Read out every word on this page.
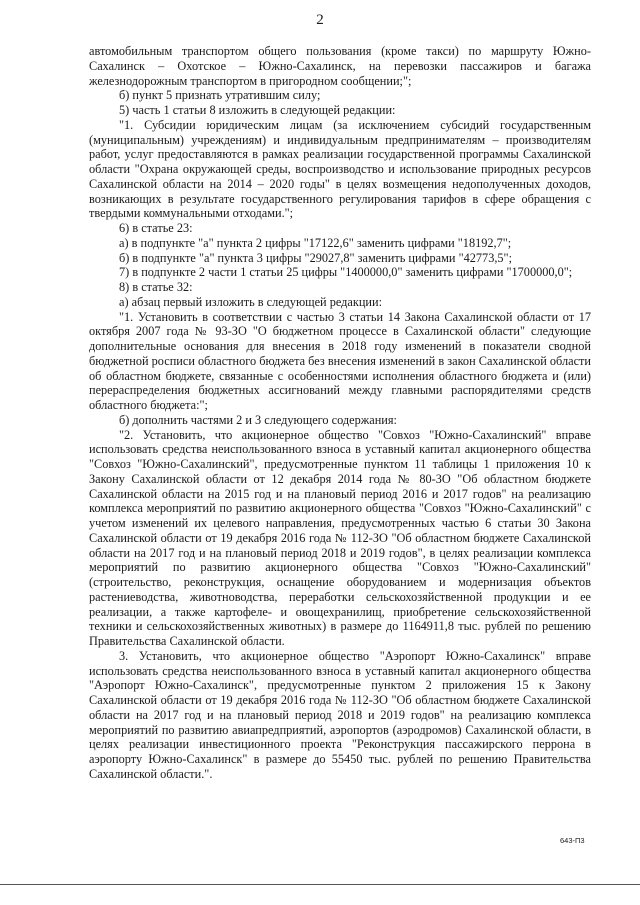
2

автомобильным транспортом общего пользования (кроме такси) по маршруту Южно-Сахалинск – Охотское – Южно-Сахалинск, на перевозки пассажиров и багажа железнодорожным транспортом в пригородном сообщении;";

б) пункт 5 признать утратившим силу;

5) часть 1 статьи 8 изложить в следующей редакции:

"1. Субсидии юридическим лицам (за исключением субсидий государственным (муниципальным) учреждениям) и индивидуальным предпринимателям – производителям работ, услуг предоставляются в рамках реализации государственной программы Сахалинской области "Охрана окружающей среды, воспроизводство и использование природных ресурсов Сахалинской области на 2014 – 2020 годы" в целях возмещения недополученных доходов, возникающих в результате государственного регулирования тарифов в сфере обращения с твердыми коммунальными отходами.";

6) в статье 23:

а) в подпункте "а" пункта 2 цифры "17122,6" заменить цифрами "18192,7";

б) в подпункте "а" пункта 3 цифры "29027,8" заменить цифрами "42773,5";

7) в подпункте 2 части 1 статьи 25 цифры "1400000,0" заменить цифрами "1700000,0";

8) в статье 32:

а) абзац первый изложить в следующей редакции:

"1. Установить в соответствии с частью 3 статьи 14 Закона Сахалинской области от 17 октября 2007 года № 93-ЗО "О бюджетном процессе в Сахалинской области" следующие дополнительные основания для внесения в 2018 году изменений в показатели сводной бюджетной росписи областного бюджета без внесения изменений в закон Сахалинской области об областном бюджете, связанные с особенностями исполнения областного бюджета и (или) перераспределения бюджетных ассигнований между главными распорядителями средств областного бюджета:";

б) дополнить частями 2 и 3 следующего содержания:

"2. Установить, что акционерное общество "Совхоз "Южно-Сахалинский" вправе использовать средства неиспользованного взноса в уставный капитал акционерного общества "Совхоз "Южно-Сахалинский", предусмотренные пунктом 11 таблицы 1 приложения 10 к Закону Сахалинской области от 12 декабря 2014 года № 80-ЗО "Об областном бюджете Сахалинской области на 2015 год и на плановый период 2016 и 2017 годов" на реализацию комплекса мероприятий по развитию акционерного общества "Совхоз "Южно-Сахалинский" с учетом изменений их целевого направления, предусмотренных частью 6 статьи 30 Закона Сахалинской области от 19 декабря 2016 года № 112-ЗО "Об областном бюджете Сахалинской области на 2017 год и на плановый период 2018 и 2019 годов", в целях реализации комплекса мероприятий по развитию акционерного общества "Совхоз "Южно-Сахалинский" (строительство, реконструкция, оснащение оборудованием и модернизация объектов растениеводства, животноводства, переработки сельскохозяйственной продукции и ее реализации, а также картофеле- и овощехранилищ, приобретение сельскохозяйственной техники и сельскохозяйственных животных) в размере до 1164911,8 тыс. рублей по решению Правительства Сахалинской области.

3. Установить, что акционерное общество "Аэропорт Южно-Сахалинск" вправе использовать средства неиспользованного взноса в уставный капитал акционерного общества "Аэропорт Южно-Сахалинск", предусмотренные пунктом 2 приложения 15 к Закону Сахалинской области от 19 декабря 2016 года № 112-ЗО "Об областном бюджете Сахалинской области на 2017 год и на плановый период 2018 и 2019 годов" на реализацию комплекса мероприятий по развитию авиапредприятий, аэропортов (аэродромов) Сахалинской области, в целях реализации инвестиционного проекта "Реконструкция пассажирского перрона в аэропорту Южно-Сахалинск" в размере до 55450 тыс. рублей по решению Правительства Сахалинской области.".

643-П3
